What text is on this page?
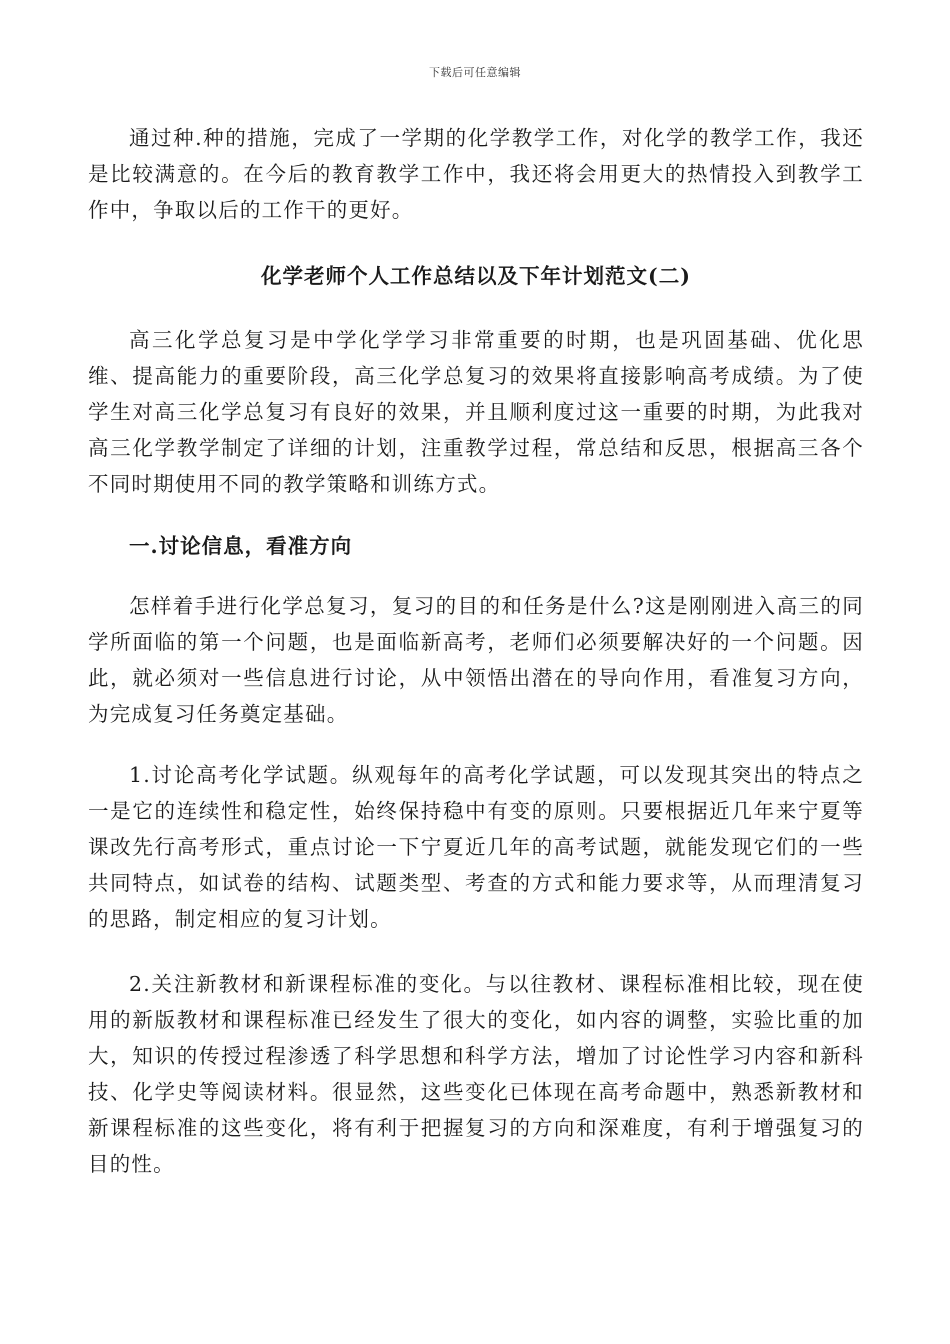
下载后可任意编辑

通过种.种的措施，完成了一学期的化学教学工作，对化学的教学工作，我还是比较满意的。在今后的教育教学工作中，我还将会用更大的热情投入到教学工作中，争取以后的工作干的更好。

化学老师个人工作总结以及下年计划范文(二)

高三化学总复习是中学化学学习非常重要的时期，也是巩固基础、优化思维、提高能力的重要阶段，高三化学总复习的效果将直接影响高考成绩。为了使学生对高三化学总复习有良好的效果，并且顺利度过这一重要的时期，为此我对高三化学教学制定了详细的计划，注重教学过程，常总结和反思，根据高三各个不同时期使用不同的教学策略和训练方式。

一.讨论信息，看准方向

怎样着手进行化学总复习，复习的目的和任务是什么?这是刚刚进入高三的同学所面临的第一个问题，也是面临新高考，老师们必须要解决好的一个问题。因此，就必须对一些信息进行讨论，从中领悟出潜在的导向作用，看准复习方向，为完成复习任务奠定基础。

1.讨论高考化学试题。纵观每年的高考化学试题，可以发现其突出的特点之一是它的连续性和稳定性，始终保持稳中有变的原则。只要根据近几年来宁夏等课改先行高考形式，重点讨论一下宁夏近几年的高考试题，就能发现它们的一些共同特点，如试卷的结构、试题类型、考查的方式和能力要求等，从而理清复习的思路，制定相应的复习计划。

2.关注新教材和新课程标准的变化。与以往教材、课程标准相比较，现在使用的新版教材和课程标准已经发生了很大的变化，如内容的调整，实验比重的加大，知识的传授过程渗透了科学思想和科学方法，增加了讨论性学习内容和新科技、化学史等阅读材料。很显然，这些变化已体现在高考命题中，熟悉新教材和新课程标准的这些变化，将有利于把握复习的方向和深难度，有利于增强复习的目的性。
